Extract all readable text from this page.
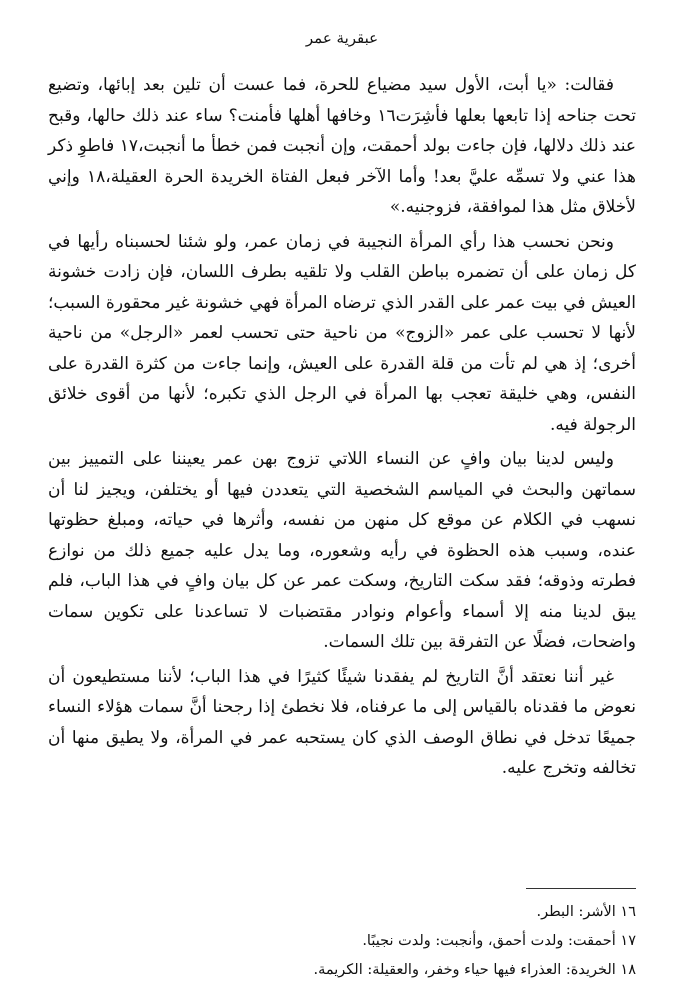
عبقرية عمر

فقالت: «يا أبت، الأول سيد مضياع للحرة، فما عست أن تلين بعد إبائها، وتضيع تحت جناحه إذا تابعها بعلها فأشِرَت١٦ وخافها أهلها فأمنت؟ ساء عند ذلك حالها، وقبح عند ذلك دلالها، فإن جاءت بولد أحمقت، وإن أنجبت فمن خطأ ما أنجبت،١٧ فاطوِ ذكر هذا عني ولا تسمِّه عليَّ بعد! وأما الآخر فبعل الفتاة الخريدة الحرة العقيلة،١٨ وإني لأخلاق مثل هذا لموافقة، فزوجنيه.»

ونحن نحسب هذا رأي المرأة النجيبة في زمان عمر، ولو شئنا لحسبناه رأيها في كل زمان على أن تضمره بباطن القلب ولا تلقيه بطرف اللسان، فإن زادت خشونة العيش في بيت عمر على القدر الذي ترضاه المرأة فهي خشونة غير محقورة السبب؛ لأنها لا تحسب على عمر «الزوج» من ناحية حتى تحسب لعمر «الرجل» من ناحية أخرى؛ إذ هي لم تأت من قلة القدرة على العيش، وإنما جاءت من كثرة القدرة على النفس، وهي خليقة تعجب بها المرأة في الرجل الذي تكبره؛ لأنها من أقوى خلائق الرجولة فيه.

وليس لدينا بيان وافٍ عن النساء اللاتي تزوج بهن عمر يعيننا على التمييز بين سماتهن والبحث في المياسم الشخصية التي يتعددن فيها أو يختلفن، ويجيز لنا أن نسهب في الكلام عن موقع كل منهن من نفسه، وأثرها في حياته، ومبلغ حظوتها عنده، وسبب هذه الحظوة في رأيه وشعوره، وما يدل عليه جميع ذلك من نوازع فطرته وذوقه؛ فقد سكت التاريخ، وسكت عمر عن كل بيان وافٍ في هذا الباب، فلم يبق لدينا منه إلا أسماء وأعوام ونوادر مقتضبات لا تساعدنا على تكوين سمات واضحات، فضلًا عن التفرقة بين تلك السمات.

غير أننا نعتقد أنَّ التاريخ لم يفقدنا شيئًا كثيرًا في هذا الباب؛ لأننا مستطيعون أن نعوض ما فقدناه بالقياس إلى ما عرفناه، فلا نخطئ إذا رجحنا أنَّ سمات هؤلاء النساء جميعًا تدخل في نطاق الوصف الذي كان يستحبه عمر في المرأة، ولا يطيق منها أن تخالفه وتخرج عليه.

١٦ الأشر: البطر.
١٧ أحمقت: ولدت أحمق، وأنجبت: ولدت نجيبًا.
١٨ الخريدة: العذراء فيها حياء وخفر، والعقيلة: الكريمة.
